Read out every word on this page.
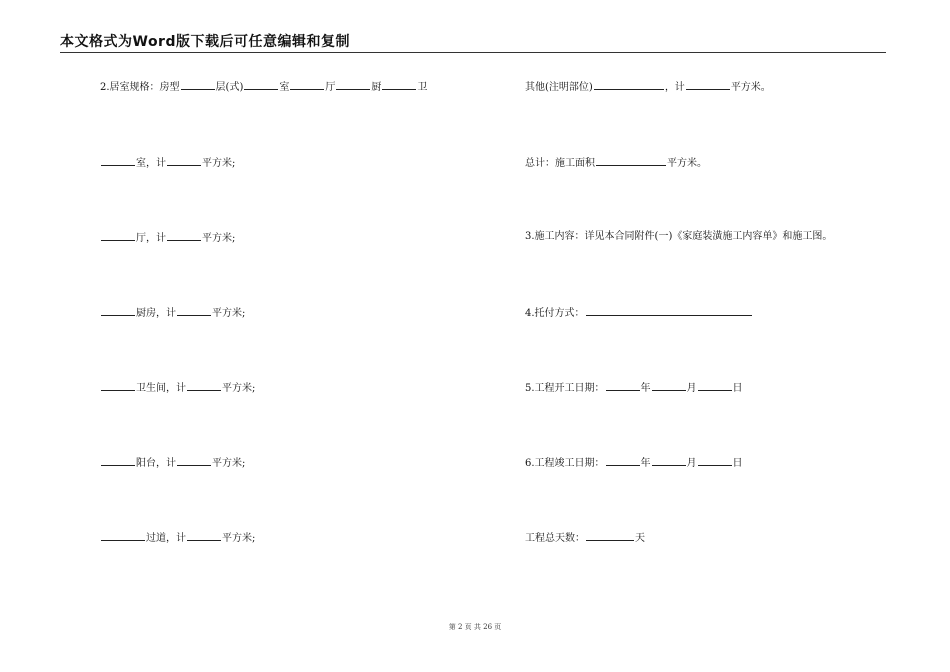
本文格式为Word版下载后可任意编辑和复制
2.居室规格：房型	层(式)	室	厅	厨	卫
室，计	平方米;
厅，计	平方米;
厨房，计	平方米;
卫生间，计	平方米;
阳台，计	平方米;
过道，计	平方米;
其他(注明部位)	，计	平方米。
总计：施工面积	平方米。
3.施工内容：详见本合同附件(一)《家庭装潢施工内容单》和施工图。
4.托付方式：
5.工程开工日期：	年	月	日
6.工程竣工日期：	年	月	日
工程总天数：	天
第 2 页 共 26 页
